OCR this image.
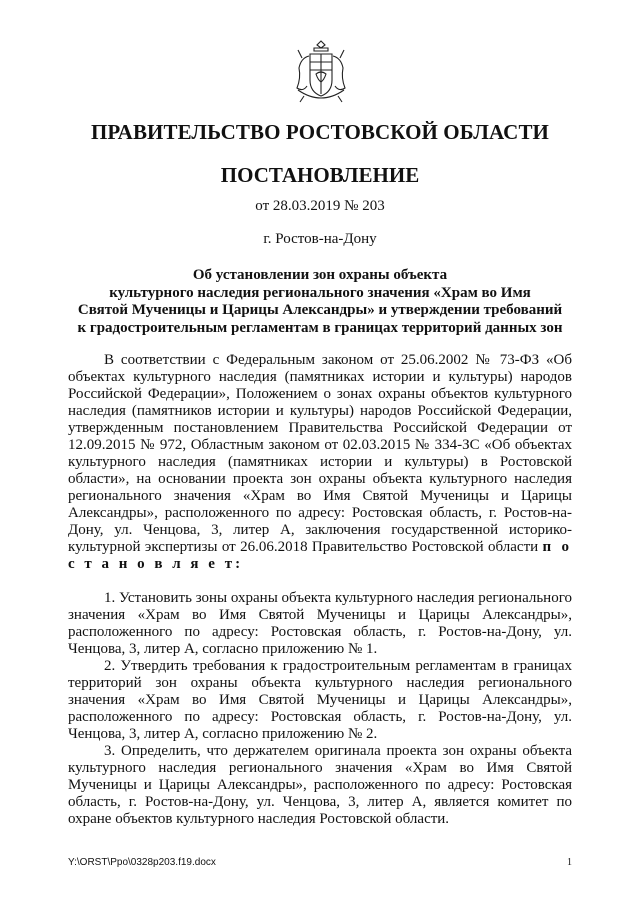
ПРАВИТЕЛЬСТВО РОСТОВСКОЙ ОБЛАСТИ
ПОСТАНОВЛЕНИЕ
от 28.03.2019 № 203
г. Ростов-на-Дону
Об установлении зон охраны объекта
культурного наследия регионального значения «Храм во Имя
Святой Мученицы и Царицы Александры» и утверждении требований
к градостроительным регламентам в границах территорий данных зон

В соответствии с Федеральным законом от 25.06.2002 № 73-ФЗ «Об объектах культурного наследия (памятниках истории и культуры) народов Российской Федерации», Положением о зонах охраны объектов культурного наследия (памятников истории и культуры) народов Российской Федерации, утвержденным постановлением Правительства Российской Федерации от 12.09.2015 № 972, Областным законом от 02.03.2015 № 334-ЗС «Об объектах культурного наследия (памятниках истории и культуры) в Ростовской области», на основании проекта зон охраны объекта культурного наследия регионального значения «Храм во Имя Святой Мученицы и Царицы Александры», расположенного по адресу: Ростовская область, г. Ростов-на-Дону, ул. Ченцова, 3, литер А, заключения государственной историко-культурной экспертизы от 26.06.2018 Правительство Ростовской области п о с т а н о в л я е т:

1. Установить зоны охраны объекта культурного наследия регионального значения «Храм во Имя Святой Мученицы и Царицы Александры», расположенного по адресу: Ростовская область, г. Ростов-на-Дону, ул. Ченцова, 3, литер А, согласно приложению № 1.

2. Утвердить требования к градостроительным регламентам в границах территорий зон охраны объекта культурного наследия регионального значения «Храм во Имя Святой Мученицы и Царицы Александры», расположенного по адресу: Ростовская область, г. Ростов-на-Дону, ул. Ченцова, 3, литер А, согласно приложению № 2.

3. Определить, что держателем оригинала проекта зон охраны объекта культурного наследия регионального значения «Храм во Имя Святой Мученицы и Царицы Александры», расположенного по адресу: Ростовская область, г. Ростов-на-Дону, ул. Ченцова, 3, литер А, является комитет по охране объектов культурного наследия Ростовской области.

Y:\ORST\Ppo\0328p203.f19.docx	1
